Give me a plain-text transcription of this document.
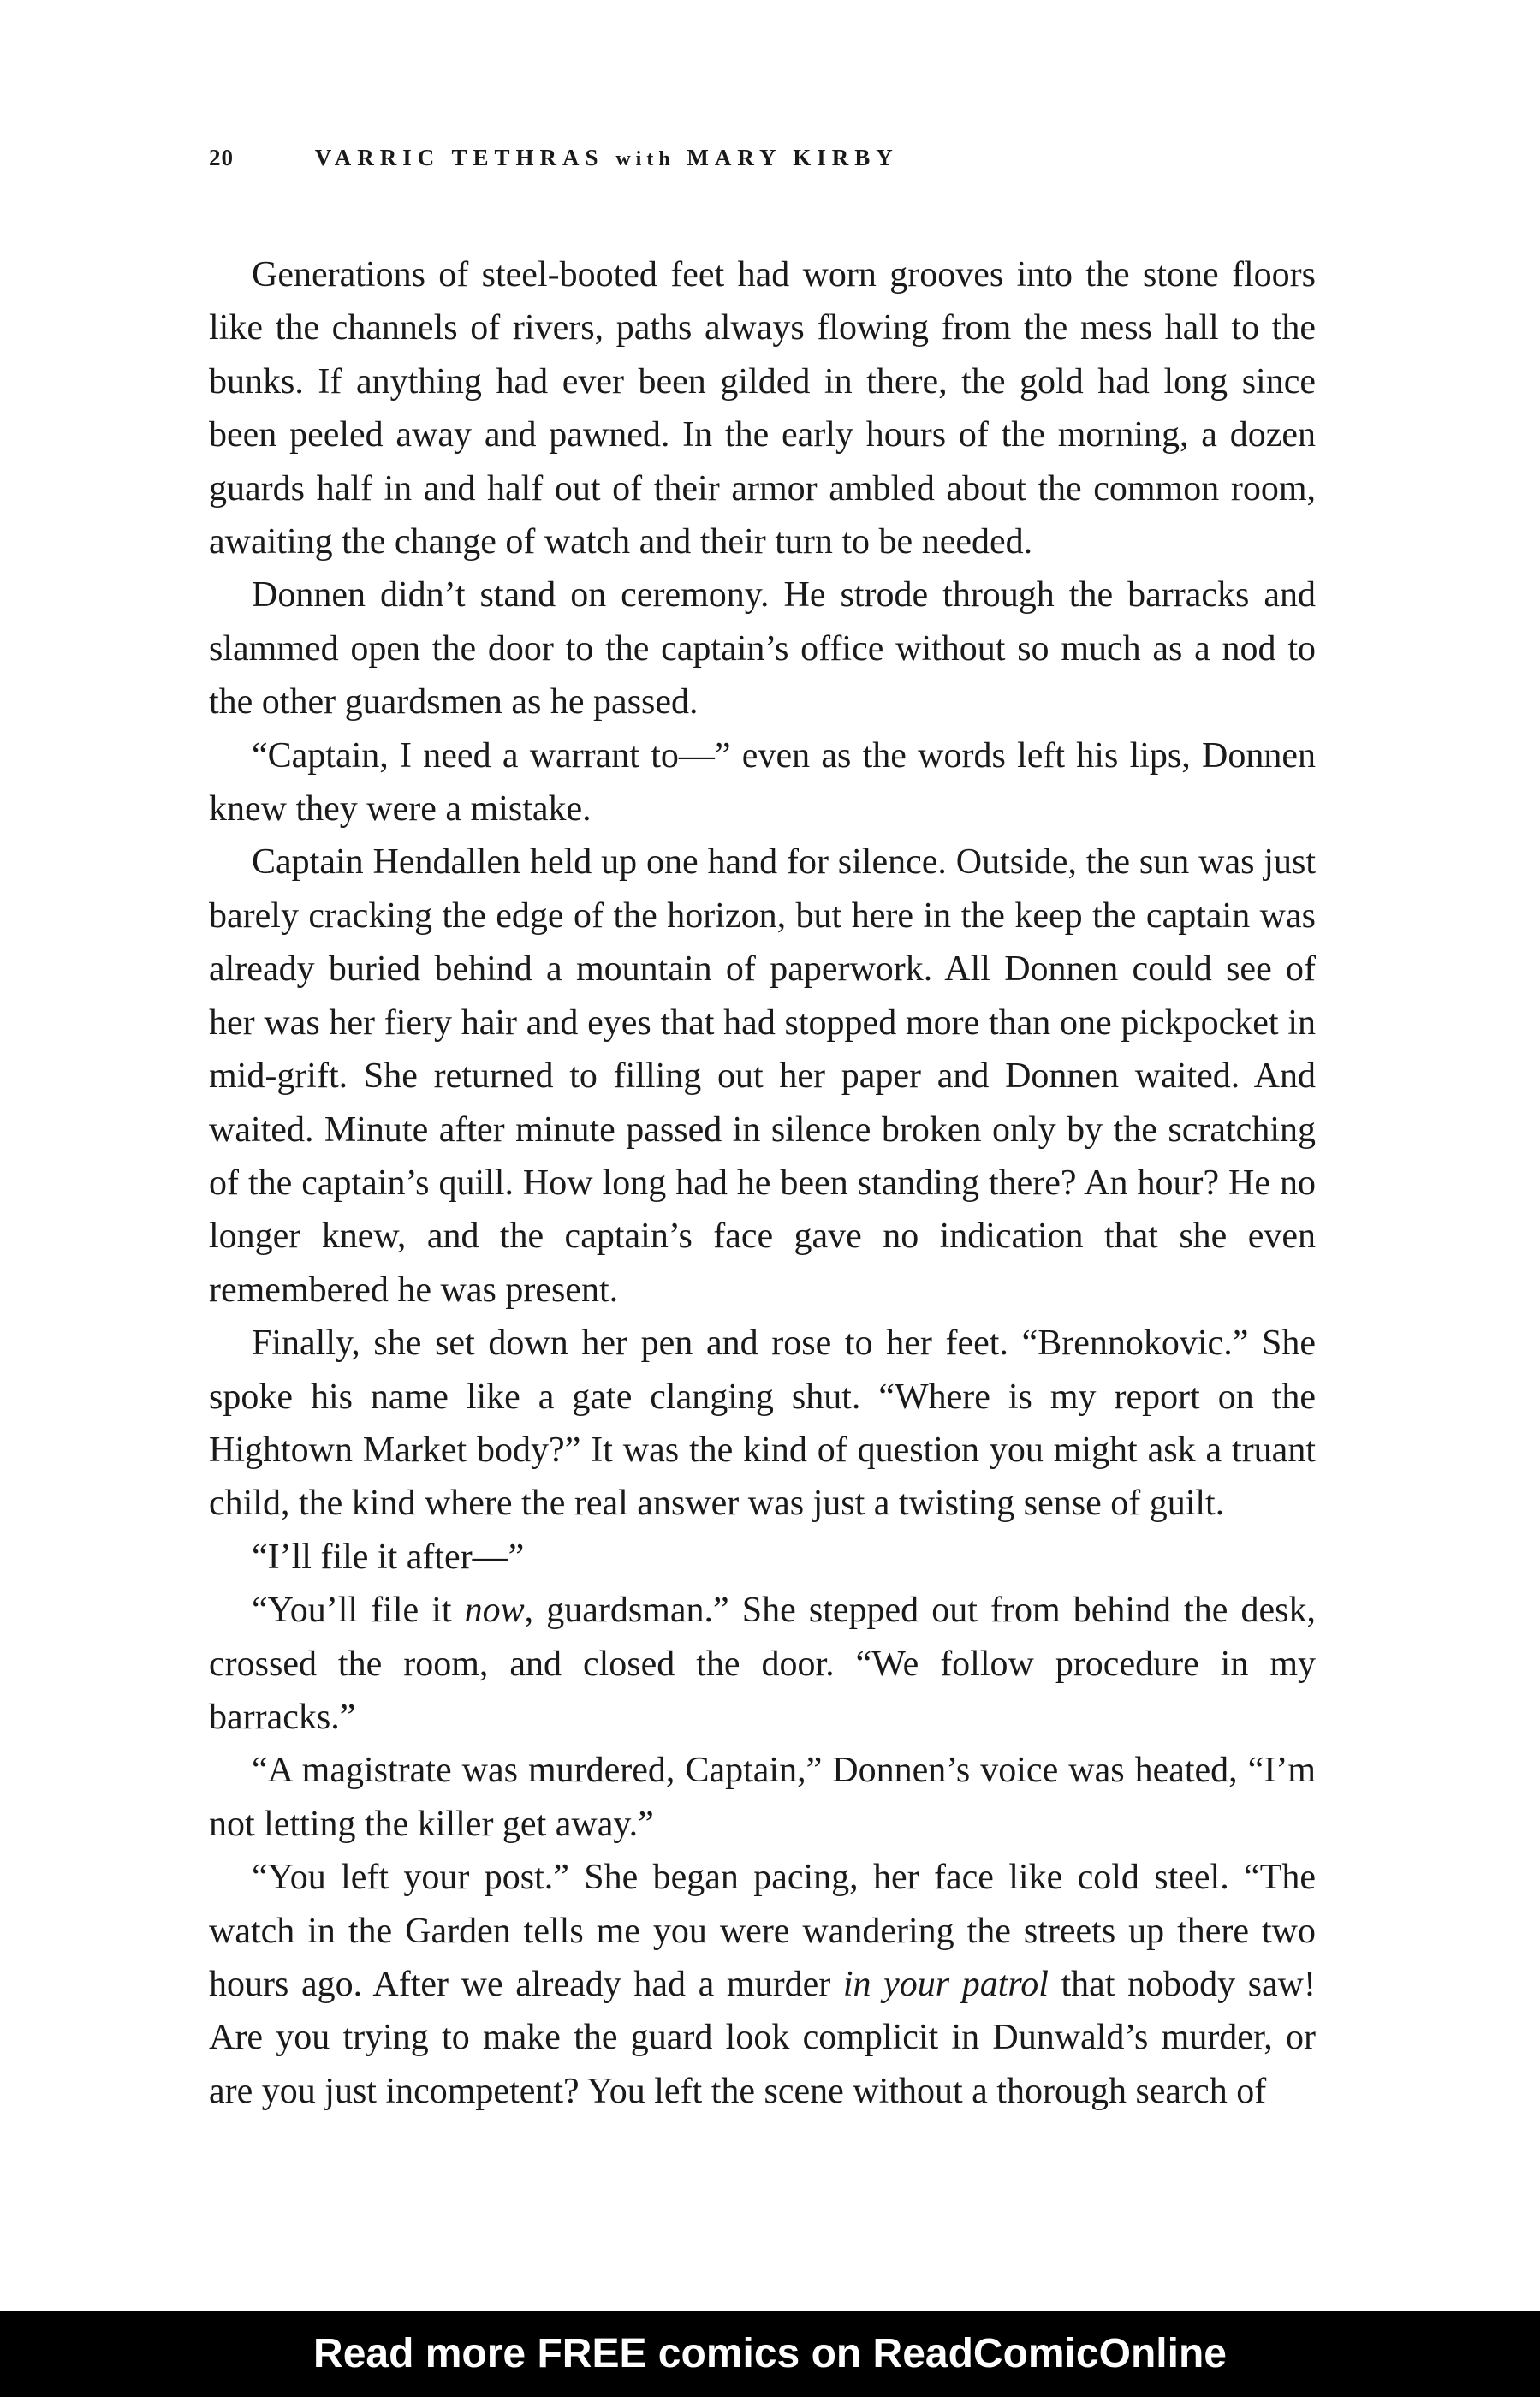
20	VARRIC TETHRAS with MARY KIRBY

Generations of steel-booted feet had worn grooves into the stone floors like the channels of rivers, paths always flowing from the mess hall to the bunks. If anything had ever been gilded in there, the gold had long since been peeled away and pawned. In the early hours of the morning, a dozen guards half in and half out of their armor ambled about the common room, awaiting the change of watch and their turn to be needed.

Donnen didn’t stand on ceremony. He strode through the barracks and slammed open the door to the captain’s office without so much as a nod to the other guardsmen as he passed.

“Captain, I need a warrant to—” even as the words left his lips, Donnen knew they were a mistake.

Captain Hendallen held up one hand for silence. Outside, the sun was just barely cracking the edge of the horizon, but here in the keep the captain was already buried behind a mountain of paperwork. All Donnen could see of her was her fiery hair and eyes that had stopped more than one pickpocket in mid-grift. She returned to filling out her paper and Donnen waited. And waited. Minute after minute passed in silence broken only by the scratching of the captain’s quill. How long had he been standing there? An hour? He no longer knew, and the captain’s face gave no indication that she even remembered he was present.

Finally, she set down her pen and rose to her feet. “Brennokovic.” She spoke his name like a gate clanging shut. “Where is my report on the Hightown Market body?” It was the kind of question you might ask a truant child, the kind where the real answer was just a twisting sense of guilt.

“I’ll file it after—”

“You’ll file it now, guardsman.” She stepped out from behind the desk, crossed the room, and closed the door. “We follow procedure in my barracks.”

“A magistrate was murdered, Captain,” Donnen’s voice was heated, “I’m not letting the killer get away.”

“You left your post.” She began pacing, her face like cold steel. “The watch in the Garden tells me you were wandering the streets up there two hours ago. After we already had a murder in your patrol that nobody saw! Are you trying to make the guard look complicit in Dunwald’s murder, or are you just incompetent? You left the scene without a thorough search of

Read more FREE comics on ReadComicOnline
